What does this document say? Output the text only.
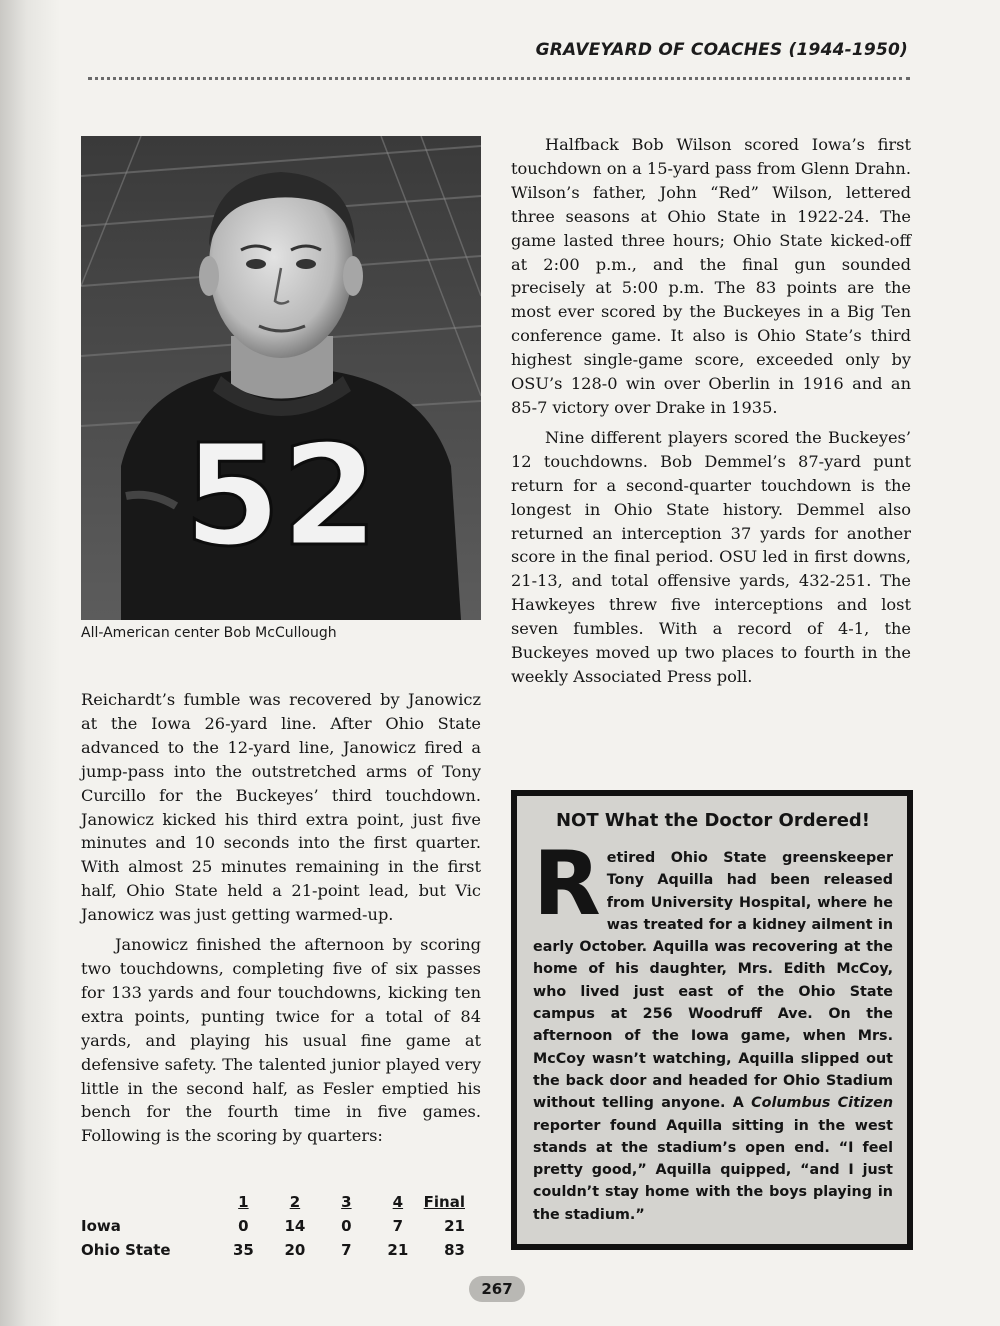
GRAVEYARD OF COACHES (1944-1950)
52
All-American center Bob McCullough

Reichardt’s fumble was recovered by Janowicz at the Iowa 26-yard line. After Ohio State advanced to the 12-yard line, Janowicz fired a jump-pass into the outstretched arms of Tony Curcillo for the Buckeyes’ third touchdown. Janowicz kicked his third extra point, just five minutes and 10 seconds into the first quarter. With almost 25 minutes remaining in the first half, Ohio State held a 21-point lead, but Vic Janowicz was just getting warmed-up.

Janowicz finished the afternoon by scoring two touchdowns, completing five of six passes for 133 yards and four touchdowns, kicking ten extra points, punting twice for a total of 84 yards, and playing his usual fine game at defensive safety. The talented junior played very little in the second half, as Fesler emptied his bench for the fourth time in five games. Following is the scoring by quarters:

	1	2	3	4	Final
Iowa	0	14	0	7	21
Ohio State	35	20	7	21	83

Halfback Bob Wilson scored Iowa’s first touchdown on a 15-yard pass from Glenn Drahn. Wilson’s father, John “Red” Wilson, lettered three seasons at Ohio State in 1922-24. The game lasted three hours; Ohio State kicked-off at 2:00 p.m., and the final gun sounded precisely at 5:00 p.m. The 83 points are the most ever scored by the Buckeyes in a Big Ten conference game. It also is Ohio State’s third highest single-game score, exceeded only by OSU’s 128-0 win over Oberlin in 1916 and an 85-7 victory over Drake in 1935.

Nine different players scored the Buckeyes’ 12 touchdowns. Bob Demmel’s 87-yard punt return for a second-quarter touchdown is the longest in Ohio State history. Demmel also returned an interception 37 yards for another score in the final period. OSU led in first downs, 21-13, and total offensive yards, 432-251. The Hawkeyes threw five interceptions and lost seven fumbles. With a record of 4-1, the Buckeyes moved up two places to fourth in the weekly Associated Press poll.

NOT What the Doctor Ordered!
Retired Ohio State greenskeeper Tony Aquilla had been released from University Hospital, where he was treated for a kidney ailment in early October. Aquilla was recovering at the home of his daughter, Mrs. Edith McCoy, who lived just east of the Ohio State campus at 256 Woodruff Ave. On the afternoon of the Iowa game, when Mrs. McCoy wasn’t watching, Aquilla slipped out the back door and headed for Ohio Stadium without telling anyone. A Columbus Citizen reporter found Aquilla sitting in the west stands at the stadium’s open end. “I feel pretty good,” Aquilla quipped, “and I just couldn’t stay home with the boys playing in the stadium.”
267
